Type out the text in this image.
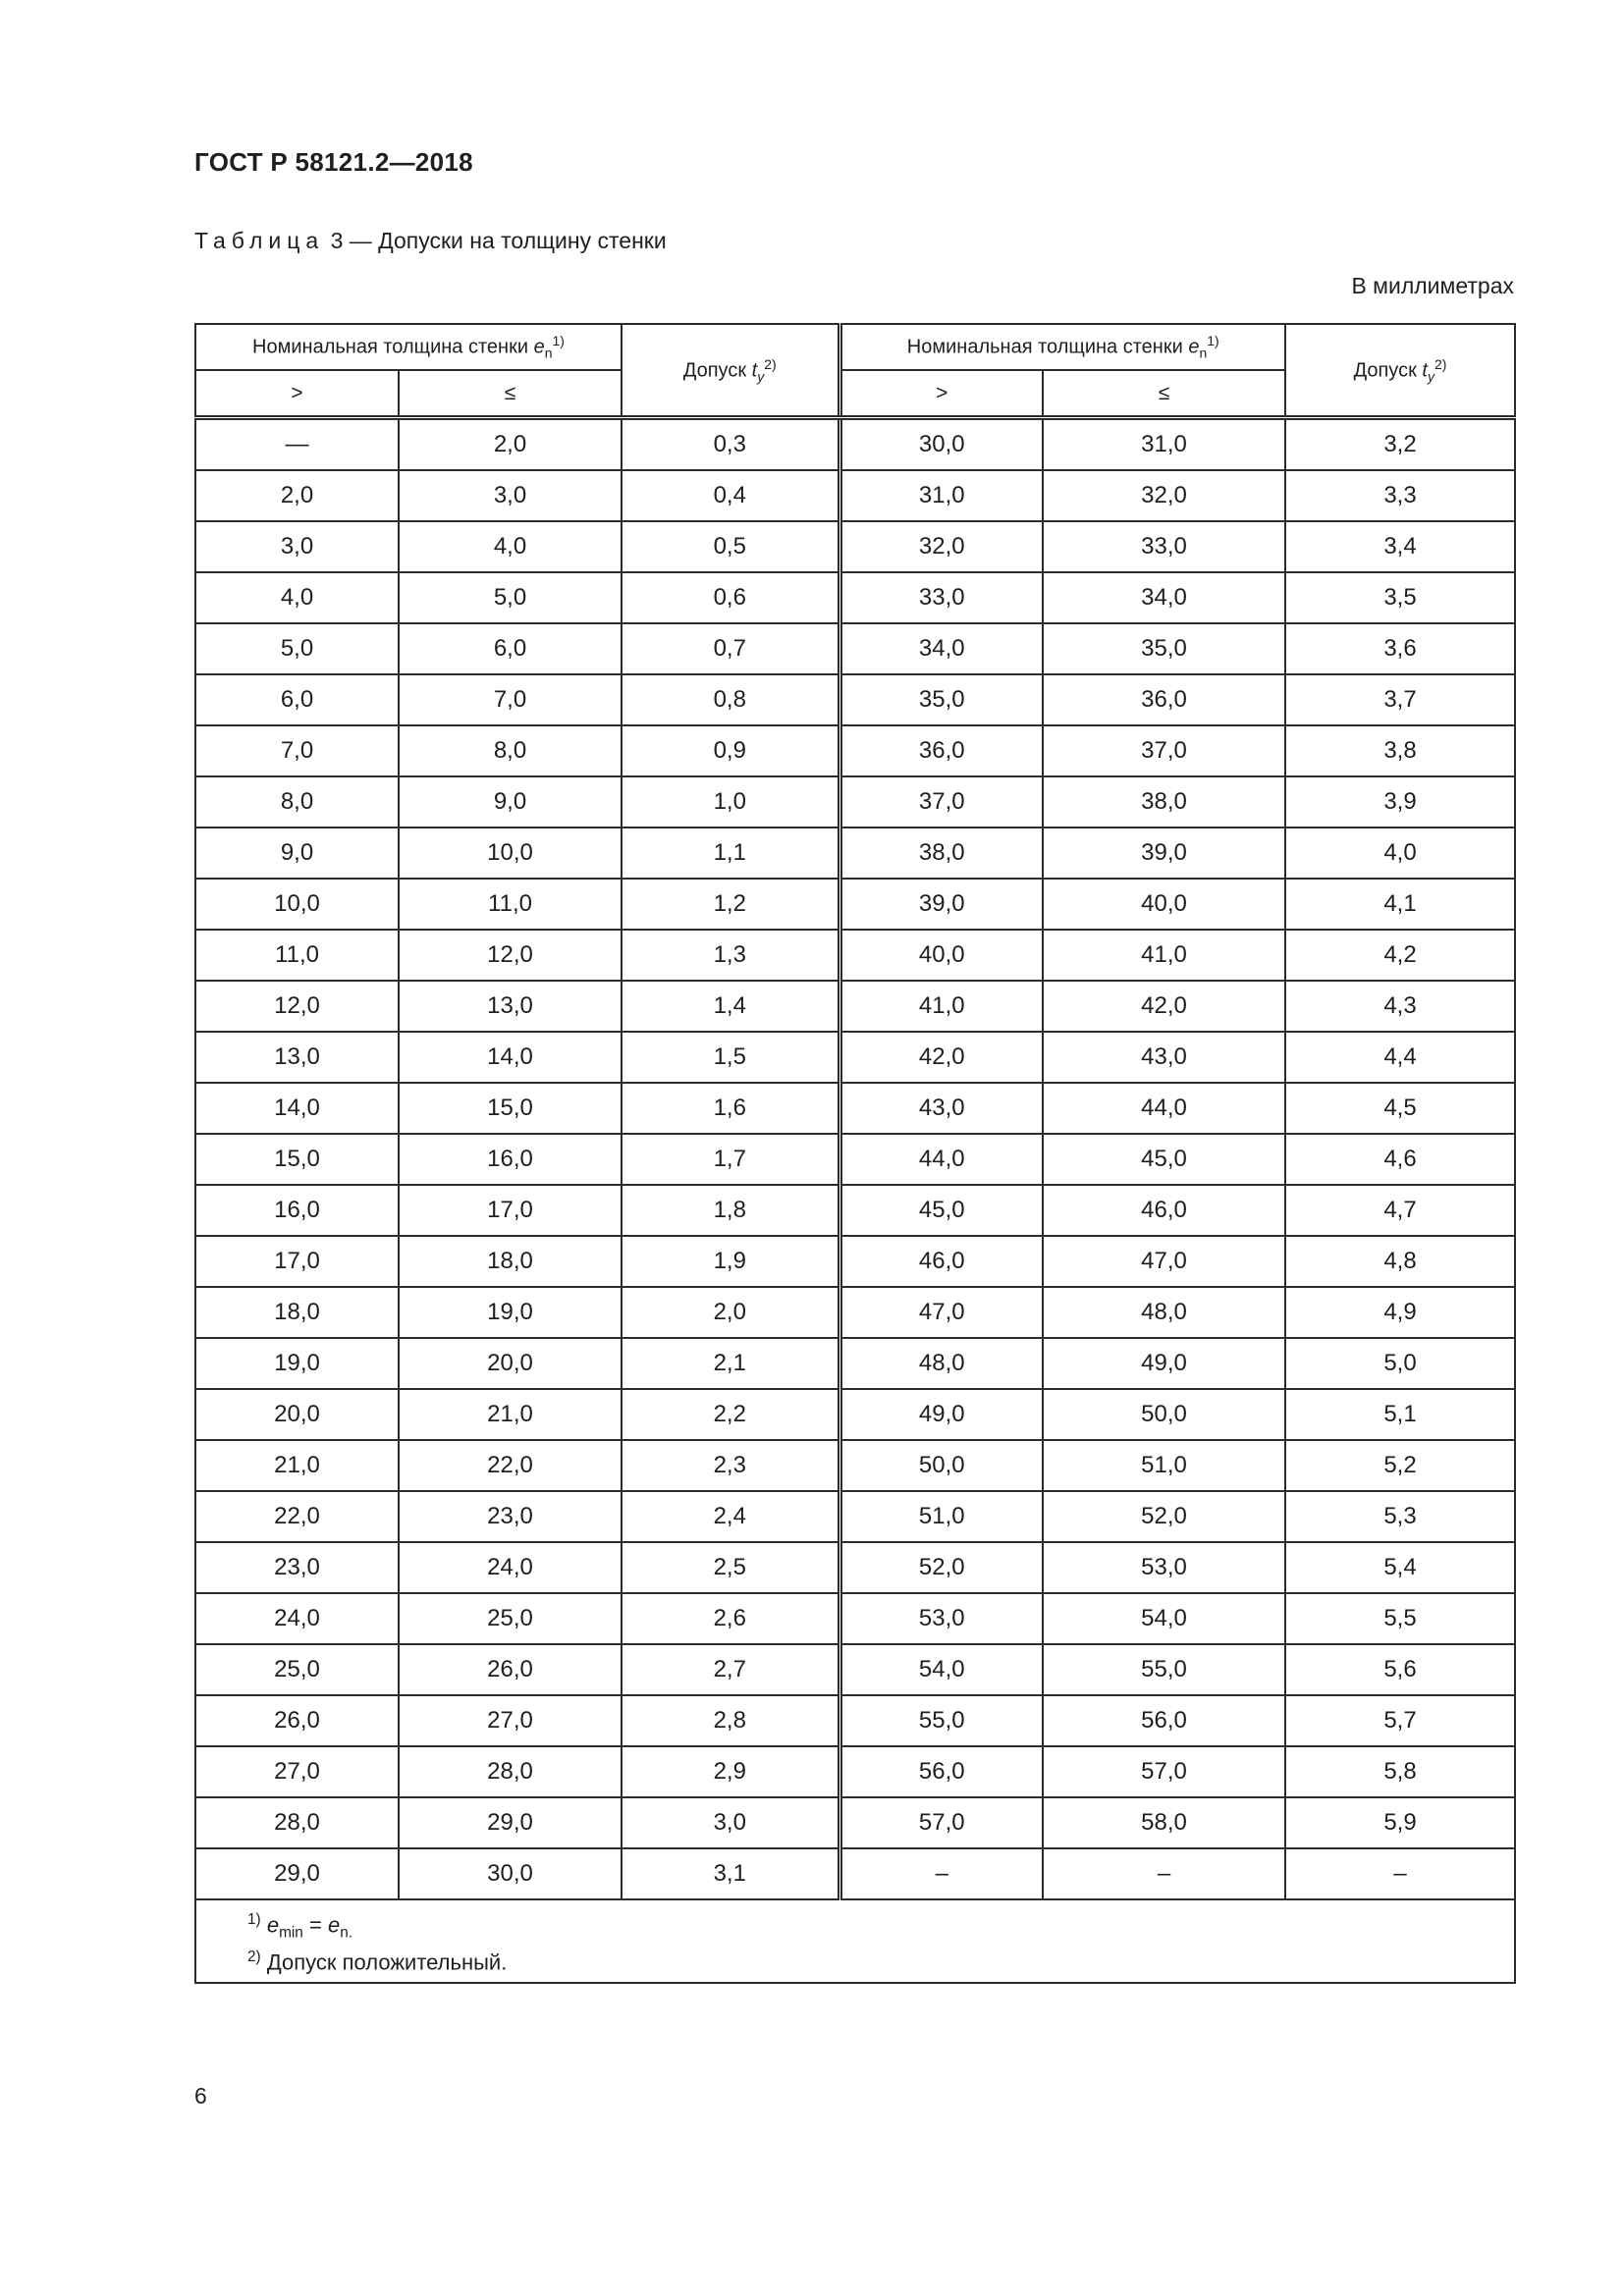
ГОСТ Р 58121.2—2018
Таблица 3 — Допуски на толщину стенки
В миллиметрах
Номинальная толщина стенки $e_n^{1)}$		Допуск $t_y^{2)}$	Номинальная толщина стенки $e_n^{1)}$		Допуск $t_y^{2)}$
>	≤		>	≤	
—	2,0	0,3	30,0	31,0	3,2
2,0	3,0	0,4	31,0	32,0	3,3
3,0	4,0	0,5	32,0	33,0	3,4
4,0	5,0	0,6	33,0	34,0	3,5
5,0	6,0	0,7	34,0	35,0	3,6
6,0	7,0	0,8	35,0	36,0	3,7
7,0	8,0	0,9	36,0	37,0	3,8
8,0	9,0	1,0	37,0	38,0	3,9
9,0	10,0	1,1	38,0	39,0	4,0
10,0	11,0	1,2	39,0	40,0	4,1
11,0	12,0	1,3	40,0	41,0	4,2
12,0	13,0	1,4	41,0	42,0	4,3
13,0	14,0	1,5	42,0	43,0	4,4
14,0	15,0	1,6	43,0	44,0	4,5
15,0	16,0	1,7	44,0	45,0	4,6
16,0	17,0	1,8	45,0	46,0	4,7
17,0	18,0	1,9	46,0	47,0	4,8
18,0	19,0	2,0	47,0	48,0	4,9
19,0	20,0	2,1	48,0	49,0	5,0
20,0	21,0	2,2	49,0	50,0	5,1
21,0	22,0	2,3	50,0	51,0	5,2
22,0	23,0	2,4	51,0	52,0	5,3
23,0	24,0	2,5	52,0	53,0	5,4
24,0	25,0	2,6	53,0	54,0	5,5
25,0	26,0	2,7	54,0	55,0	5,6
26,0	27,0	2,8	55,0	56,0	5,7
27,0	28,0	2,9	56,0	57,0	5,8
28,0	29,0	3,0	57,0	58,0	5,9
29,0	30,0	3,1	–	–	–

$^{1)}$ $e_{min} = e_{n.}$
$^{2)}$ Допуск положительный.					
6
